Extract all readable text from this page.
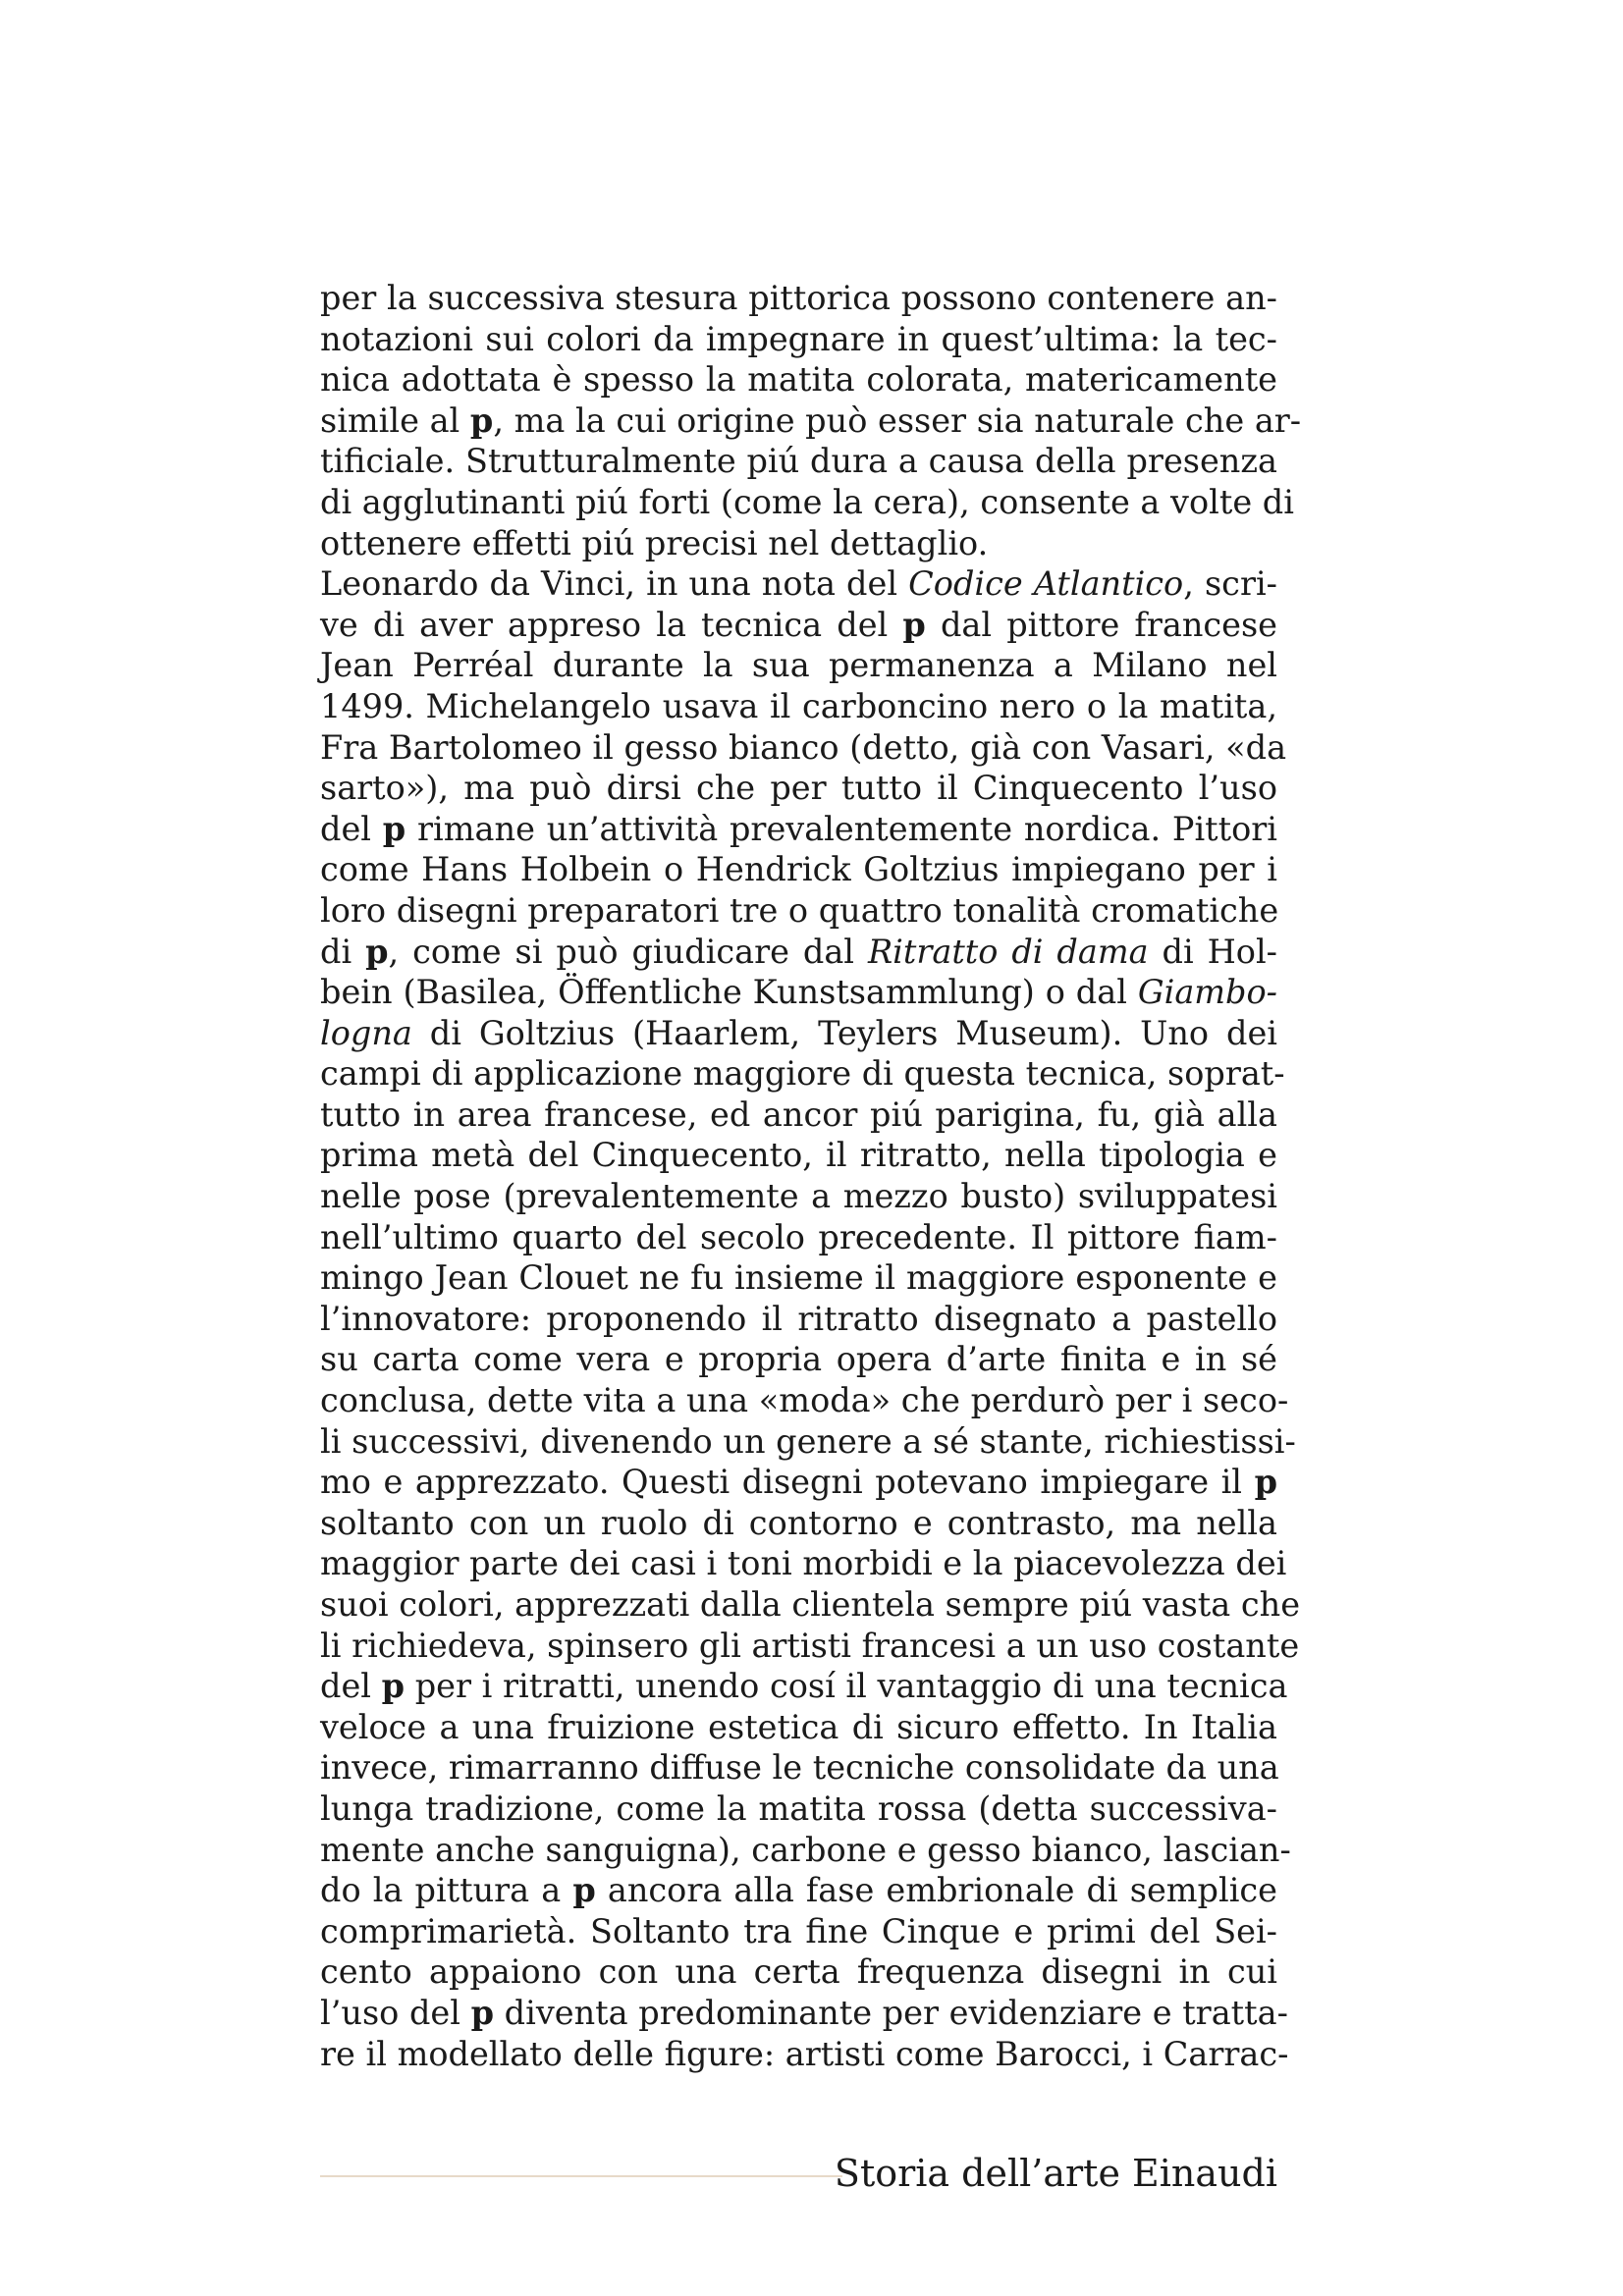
per la successiva stesura pittorica possono contenere an-
notazioni sui colori da impegnare in quest’ultima: la tec-
nica adottata è spesso la matita colorata, matericamente
simile al p, ma la cui origine può esser sia naturale che ar-
tificiale. Strutturalmente piú dura a causa della presenza
di agglutinanti piú forti (come la cera), consente a volte di
ottenere effetti piú precisi nel dettaglio.
Leonardo da Vinci, in una nota del Codice Atlantico, scri-
ve di aver appreso la tecnica del p dal pittore francese
Jean Perréal durante la sua permanenza a Milano nel
1499. Michelangelo usava il carboncino nero o la matita,
Fra Bartolomeo il gesso bianco (detto, già con Vasari, «da
sarto»), ma può dirsi che per tutto il Cinquecento l’uso
del p rimane un’attività prevalentemente nordica. Pittori
come Hans Holbein o Hendrick Goltzius impiegano per i
loro disegni preparatori tre o quattro tonalità cromatiche
di p, come si può giudicare dal Ritratto di dama di Hol-
bein (Basilea, Öffentliche Kunstsammlung) o dal Giambo-
logna di Goltzius (Haarlem, Teylers Museum). Uno dei
campi di applicazione maggiore di questa tecnica, soprat-
tutto in area francese, ed ancor piú parigina, fu, già alla
prima metà del Cinquecento, il ritratto, nella tipologia e
nelle pose (prevalentemente a mezzo busto) sviluppatesi
nell’ultimo quarto del secolo precedente. Il pittore fiam-
mingo Jean Clouet ne fu insieme il maggiore esponente e
l’innovatore: proponendo il ritratto disegnato a pastello
su carta come vera e propria opera d’arte finita e in sé
conclusa, dette vita a una «moda» che perdurò per i seco-
li successivi, divenendo un genere a sé stante, richiestissi-
mo e apprezzato. Questi disegni potevano impiegare il p
soltanto con un ruolo di contorno e contrasto, ma nella
maggior parte dei casi i toni morbidi e la piacevolezza dei
suoi colori, apprezzati dalla clientela sempre piú vasta che
li richiedeva, spinsero gli artisti francesi a un uso costante
del p per i ritratti, unendo cosí il vantaggio di una tecnica
veloce a una fruizione estetica di sicuro effetto. In Italia
invece, rimarranno diffuse le tecniche consolidate da una
lunga tradizione, come la matita rossa (detta successiva-
mente anche sanguigna), carbone e gesso bianco, lascian-
do la pittura a p ancora alla fase embrionale di semplice
comprimarietà. Soltanto tra fine Cinque e primi del Sei-
cento appaiono con una certa frequenza disegni in cui
l’uso del p diventa predominante per evidenziare e tratta-
re il modellato delle figure: artisti come Barocci, i Carrac-
Storia dell’arte Einaudi
